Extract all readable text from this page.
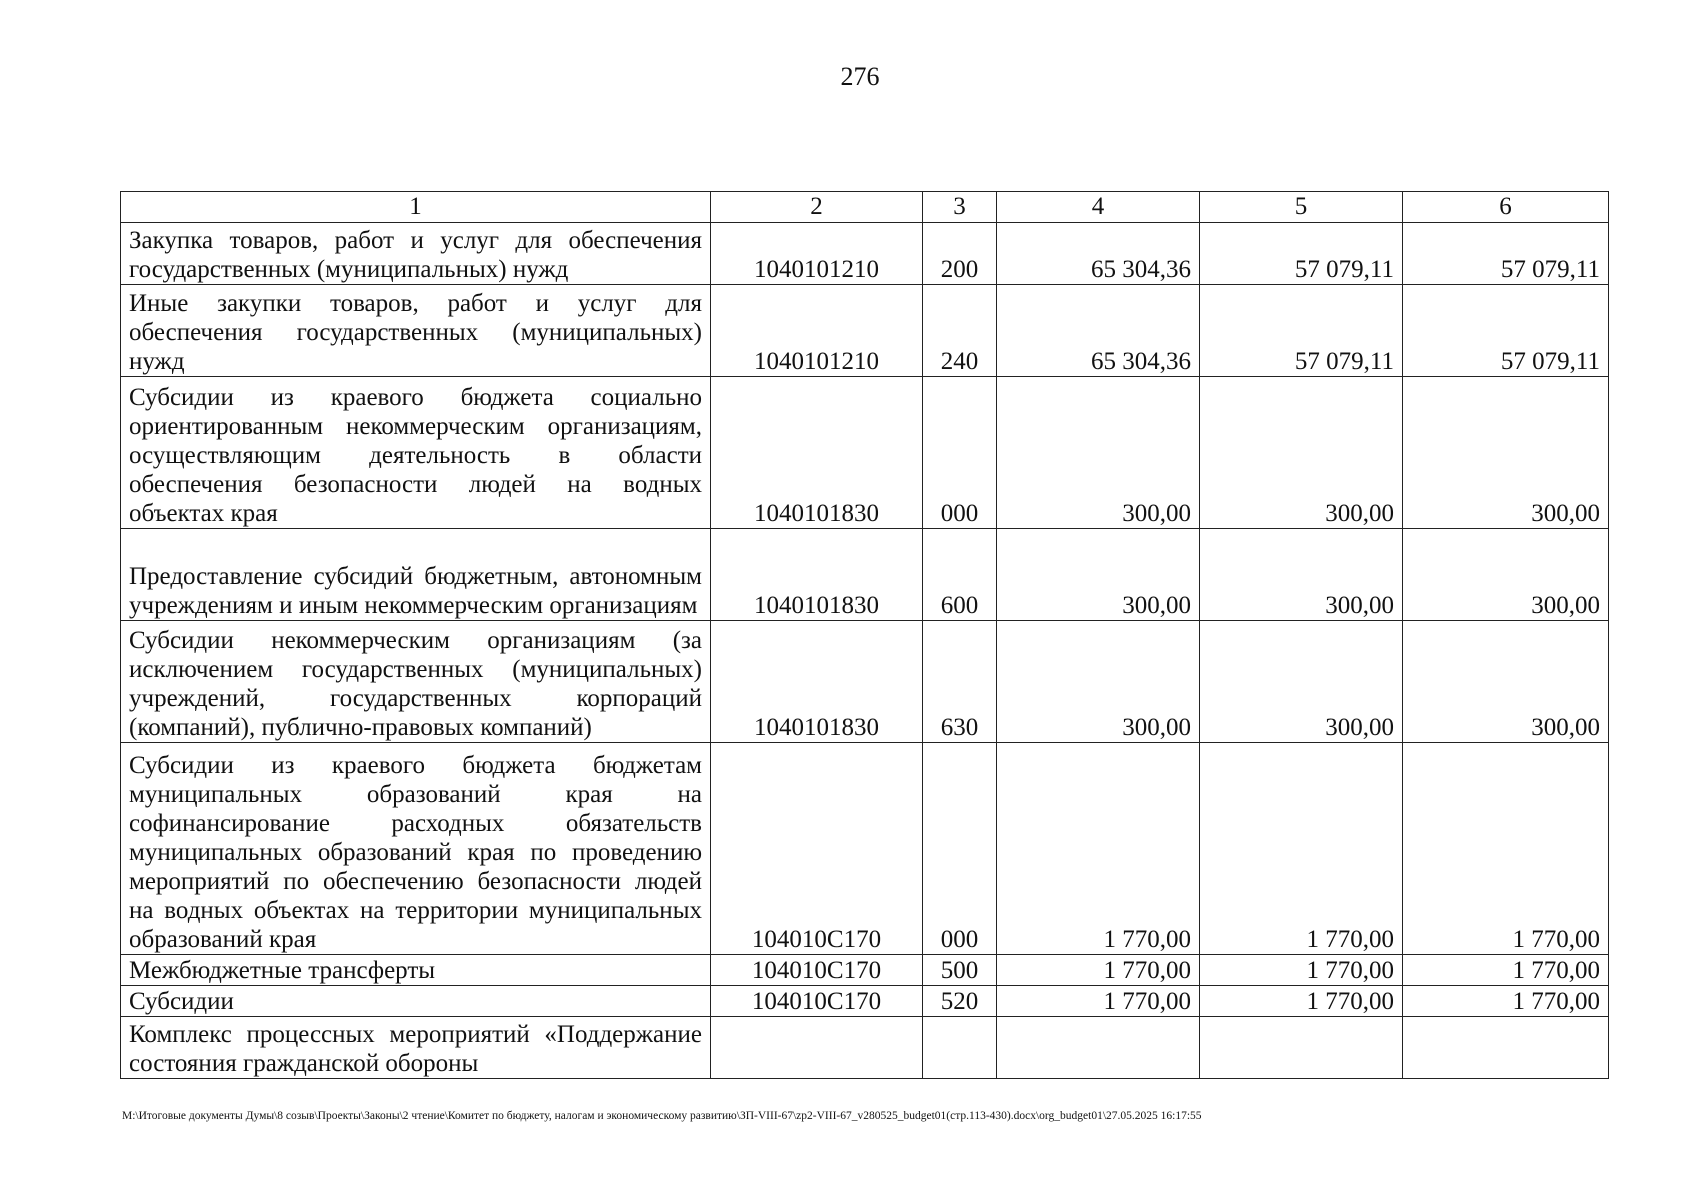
276
1	2	3	4	5	6
Закупка товаров, работ и услуг для обеспечения государственных (муниципальных) нужд	1040101210	200	65 304,36	57 079,11	57 079,11
Иные закупки товаров, работ и услуг для обеспечения государственных (муниципальных) нужд	1040101210	240	65 304,36	57 079,11	57 079,11
Субсидии из краевого бюджета социально ориентированным некоммерческим организациям, осуществляющим деятельность в области обеспечения безопасности людей на водных объектах края	1040101830	000	300,00	300,00	300,00
Предоставление субсидий бюджетным, автономным учреждениям и иным некоммерческим организациям	1040101830	600	300,00	300,00	300,00
Субсидии некоммерческим организациям (за исключением государственных (муниципальных) учреждений, государственных корпораций (компаний), публично-правовых компаний)	1040101830	630	300,00	300,00	300,00
Субсидии из краевого бюджета бюджетам муниципальных образований края на софинансирование расходных обязательств муниципальных образований края по проведению мероприятий по обеспечению безопасности людей на водных объектах на территории муниципальных образований края	104010С170	000	1 770,00	1 770,00	1 770,00
Межбюджетные трансферты	104010С170	500	1 770,00	1 770,00	1 770,00
Субсидии	104010С170	520	1 770,00	1 770,00	1 770,00
Комплекс процессных мероприятий «Поддержание состояния гражданской обороны					
M:\Итоговые документы Думы\8 созыв\Проекты\Законы\2 чтение\Комитет по бюджету, налогам и экономическому развитию\ЗП-VIII-67\zp2-VIII-67_v280525_budget01(стр.113-430).docx\org_budget01\27.05.2025 16:17:55
